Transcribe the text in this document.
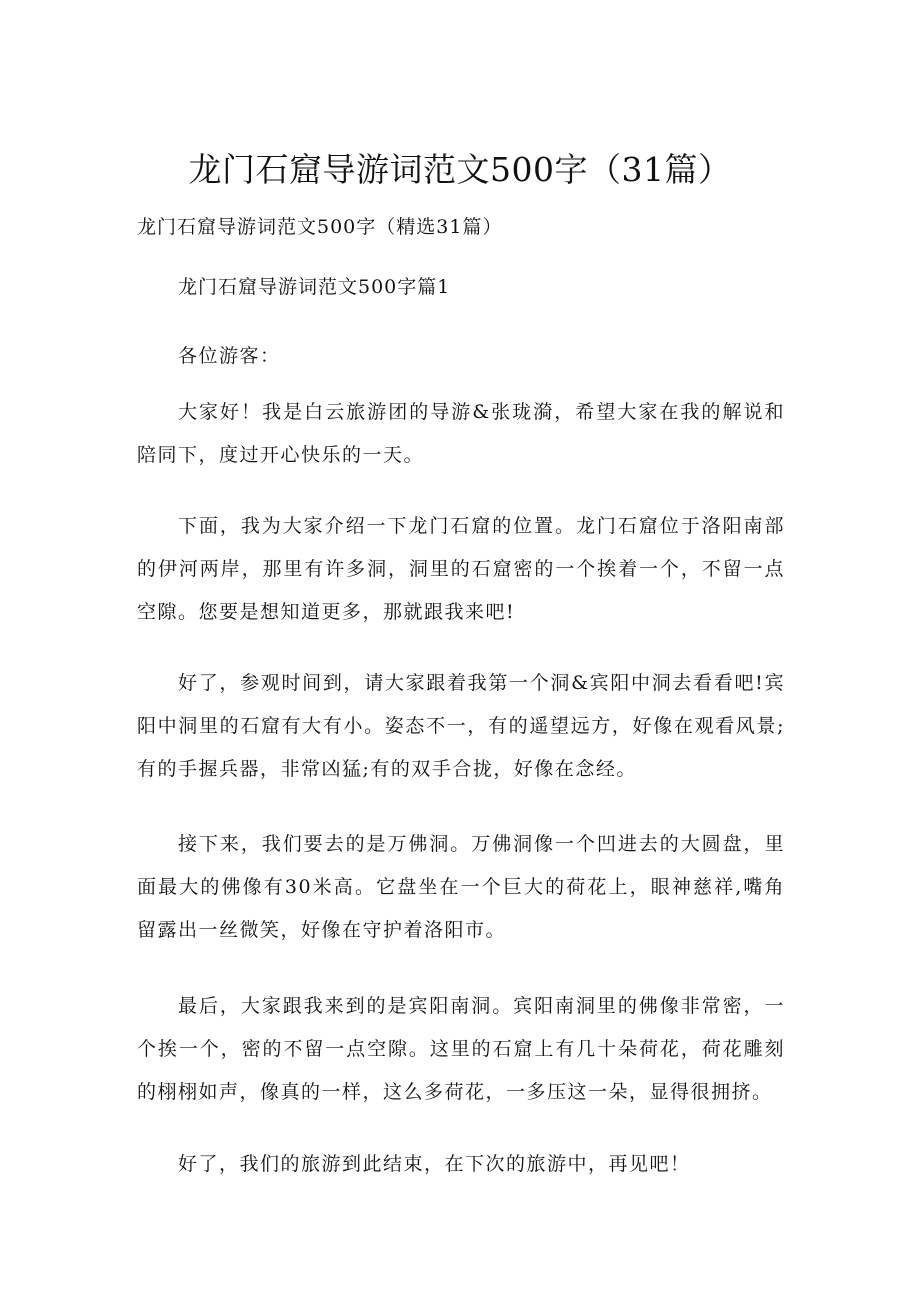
龙门石窟导游词范文500字（31篇）
龙门石窟导游词范文500字（精选31篇）
龙门石窟导游词范文500字篇1

各位游客：

大家好！我是白云旅游团的导游&张珑漪，希望大家在我的解说和陪同下，度过开心快乐的一天。

下面，我为大家介绍一下龙门石窟的位置。龙门石窟位于洛阳南部的伊河两岸，那里有许多洞，洞里的石窟密的一个挨着一个，不留一点空隙。您要是想知道更多，那就跟我来吧!

好了，参观时间到，请大家跟着我第一个洞&宾阳中洞去看看吧!宾阳中洞里的石窟有大有小。姿态不一，有的遥望远方，好像在观看风景;有的手握兵器，非常凶猛;有的双手合拢，好像在念经。

接下来，我们要去的是万佛洞。万佛洞像一个凹进去的大圆盘，里面最大的佛像有30米高。它盘坐在一个巨大的荷花上，眼神慈祥,嘴角留露出一丝微笑，好像在守护着洛阳市。

最后，大家跟我来到的是宾阳南洞。宾阳南洞里的佛像非常密，一个挨一个，密的不留一点空隙。这里的石窟上有几十朵荷花，荷花雕刻的栩栩如声，像真的一样，这么多荷花，一多压这一朵，显得很拥挤。

好了，我们的旅游到此结束，在下次的旅游中，再见吧！
